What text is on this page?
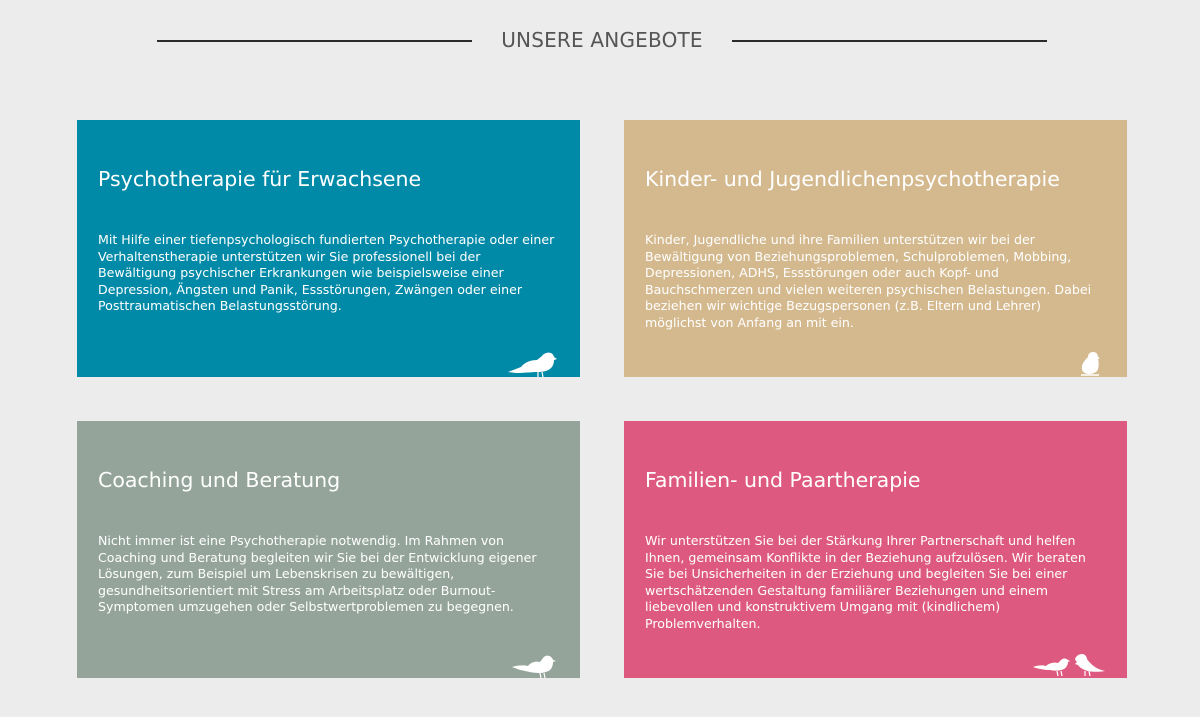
UNSERE ANGEBOTE
Psychotherapie für Erwachsene

Mit Hilfe einer tiefenpsychologisch fundierten Psychotherapie oder einer Verhaltenstherapie unterstützen wir Sie professionell bei der Bewältigung psychischer Erkrankungen wie beispielsweise einer Depression, Ängsten und Panik, Essstörungen, Zwängen oder einer Posttraumatischen Belastungsstörung.

Kinder- und Jugendlichenpsychotherapie

Kinder, Jugendliche und ihre Familien unterstützen wir bei der Bewältigung von Beziehungsproblemen, Schulproblemen, Mobbing, Depressionen, ADHS, Essstörungen oder auch Kopf- und Bauchschmerzen und vielen weiteren psychischen Belastungen. Dabei beziehen wir wichtige Bezugspersonen (z.B. Eltern und Lehrer) möglichst von Anfang an mit ein.

Coaching und Beratung

Nicht immer ist eine Psychotherapie notwendig. Im Rahmen von Coaching und Beratung begleiten wir Sie bei der Entwicklung eigener Lösungen, zum Beispiel um Lebenskrisen zu bewältigen, gesundheitsorientiert mit Stress am Arbeitsplatz oder Burnout-Symptomen umzugehen oder Selbstwertproblemen zu begegnen.

Familien- und Paartherapie

Wir unterstützen Sie bei der Stärkung Ihrer Partnerschaft und helfen Ihnen, gemeinsam Konflikte in der Beziehung aufzulösen. Wir beraten Sie bei Unsicherheiten in der Erziehung und begleiten Sie bei einer wertschätzenden Gestaltung familiärer Beziehungen und einem liebevollen und konstruktivem Umgang mit (kindlichem) Problemverhalten.
